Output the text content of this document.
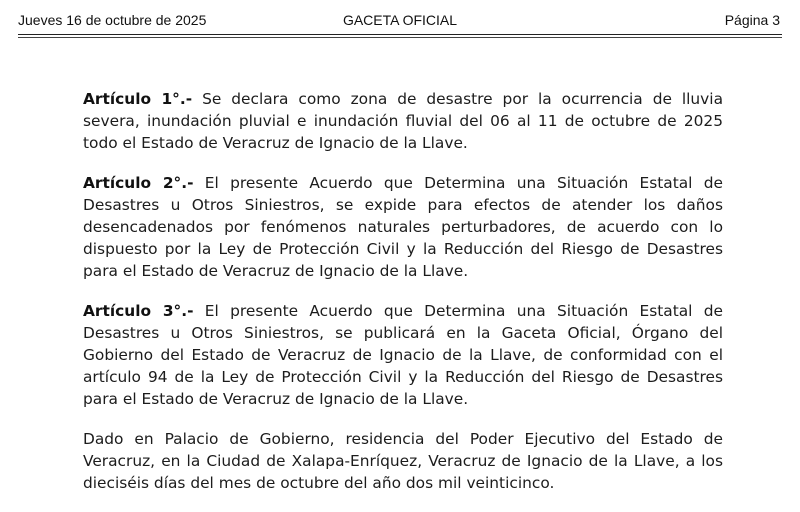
Jueves 16 de octubre de 2025	GACETA OFICIAL	Página 3

Artículo 1°.- Se declara como zona de desastre por la ocurrencia de lluvia severa, inundación pluvial e inundación fluvial del 06 al 11 de octubre de 2025 todo el Estado de Veracruz de Ignacio de la Llave.

Artículo 2°.- El presente Acuerdo que Determina una Situación Estatal de Desastres u Otros Siniestros, se expide para efectos de atender los daños desencadenados por fenómenos naturales perturbadores, de acuerdo con lo dispuesto por la Ley de Protección Civil y la Reducción del Riesgo de Desastres para el Estado de Veracruz de Ignacio de la Llave.

Artículo 3°.- El presente Acuerdo que Determina una Situación Estatal de Desastres u Otros Siniestros, se publicará en la Gaceta Oficial, Órgano del Gobierno del Estado de Veracruz de Ignacio de la Llave, de conformidad con el artículo 94 de la Ley de Protección Civil y la Reducción del Riesgo de Desastres para el Estado de Veracruz de Ignacio de la Llave.

Dado en Palacio de Gobierno, residencia del Poder Ejecutivo del Estado de Veracruz, en la Ciudad de Xalapa-Enríquez, Veracruz de Ignacio de la Llave, a los dieciséis días del mes de octubre del año dos mil veinticinco.
